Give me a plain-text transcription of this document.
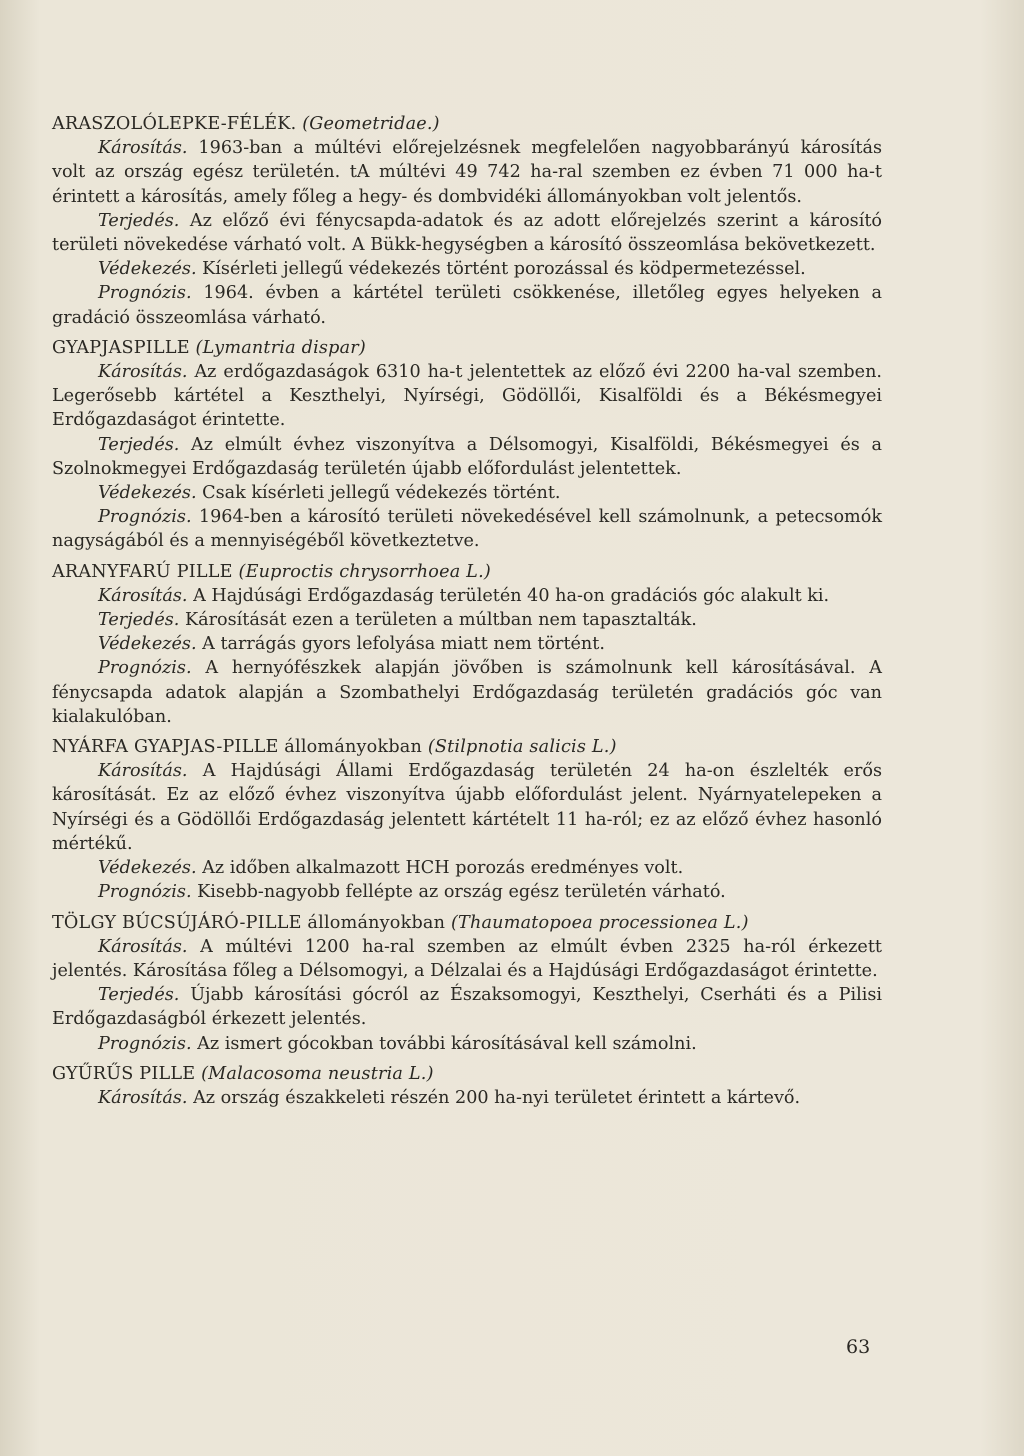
ARASZOLÓLEPKE-FÉLÉK. (Geometridae.)

Károsítás. 1963-ban a múltévi előrejelzésnek megfelelően nagyobbarányú károsítás volt az ország egész területén. tA múltévi 49 742 ha-ral szemben ez évben 71 000 ha-t érintett a károsítás, amely főleg a hegy- és dombvidéki állományokban volt jelentős.

Terjedés. Az előző évi fénycsapda-adatok és az adott előrejelzés szerint a károsító területi növekedése várható volt. A Bükk-hegységben a károsító összeomlása bekövetkezett.

Védekezés. Kísérleti jellegű védekezés történt porozással és ködpermetezéssel.

Prognózis. 1964. évben a kártétel területi csökkenése, illetőleg egyes helyeken a gradáció összeomlása várható.

GYAPJASPILLE (Lymantria dispar)

Károsítás. Az erdőgazdaságok 6310 ha-t jelentettek az előző évi 2200 ha-val szemben. Legerősebb kártétel a Keszthelyi, Nyírségi, Gödöllői, Kisalföldi és a Békésmegyei Erdőgazdaságot érintette.

Terjedés. Az elmúlt évhez viszonyítva a Délsomogyi, Kisalföldi, Békésmegyei és a Szolnokmegyei Erdőgazdaság területén újabb előfordulást jelentettek.

Védekezés. Csak kísérleti jellegű védekezés történt.

Prognózis. 1964-ben a károsító területi növekedésével kell számolnunk, a petecsomók nagyságából és a mennyiségéből következtetve.

ARANYFARÚ PILLE (Euproctis chrysorrhoea L.)

Károsítás. A Hajdúsági Erdőgazdaság területén 40 ha-on gradációs góc alakult ki.

Terjedés. Károsítását ezen a területen a múltban nem tapasztalták.

Védekezés. A tarrágás gyors lefolyása miatt nem történt.

Prognózis. A hernyófészkek alapján jövőben is számolnunk kell károsításával. A fénycsapda adatok alapján a Szombathelyi Erdőgazdaság területén gradációs góc van kialakulóban.

NYÁRFA GYAPJAS-PILLE állományokban (Stilpnotia salicis L.)

Károsítás. A Hajdúsági Állami Erdőgazdaság területén 24 ha-on észlelték erős károsítását. Ez az előző évhez viszonyítva újabb előfordulást jelent. Nyárnyatelepeken a Nyírségi és a Gödöllői Erdőgazdaság jelentett kártételt 11 ha-ról; ez az előző évhez hasonló mértékű.

Védekezés. Az időben alkalmazott HCH porozás eredményes volt.

Prognózis. Kisebb-nagyobb fellépte az ország egész területén várható.

TÖLGY BÚCSÚJÁRÓ-PILLE állományokban (Thaumatopoea processionea L.)

Károsítás. A múltévi 1200 ha-ral szemben az elmúlt évben 2325 ha-ról érkezett jelentés. Károsítása főleg a Délsomogyi, a Délzalai és a Hajdúsági Erdőgazdaságot érintette.

Terjedés. Újabb károsítási gócról az Északsomogyi, Keszthelyi, Cserháti és a Pilisi Erdőgazdaságból érkezett jelentés.

Prognózis. Az ismert gócokban további károsításával kell számolni.

GYŰRŰS PILLE (Malacosoma neustria L.)

Károsítás. Az ország északkeleti részén 200 ha-nyi területet érintett a kártevő.

63
